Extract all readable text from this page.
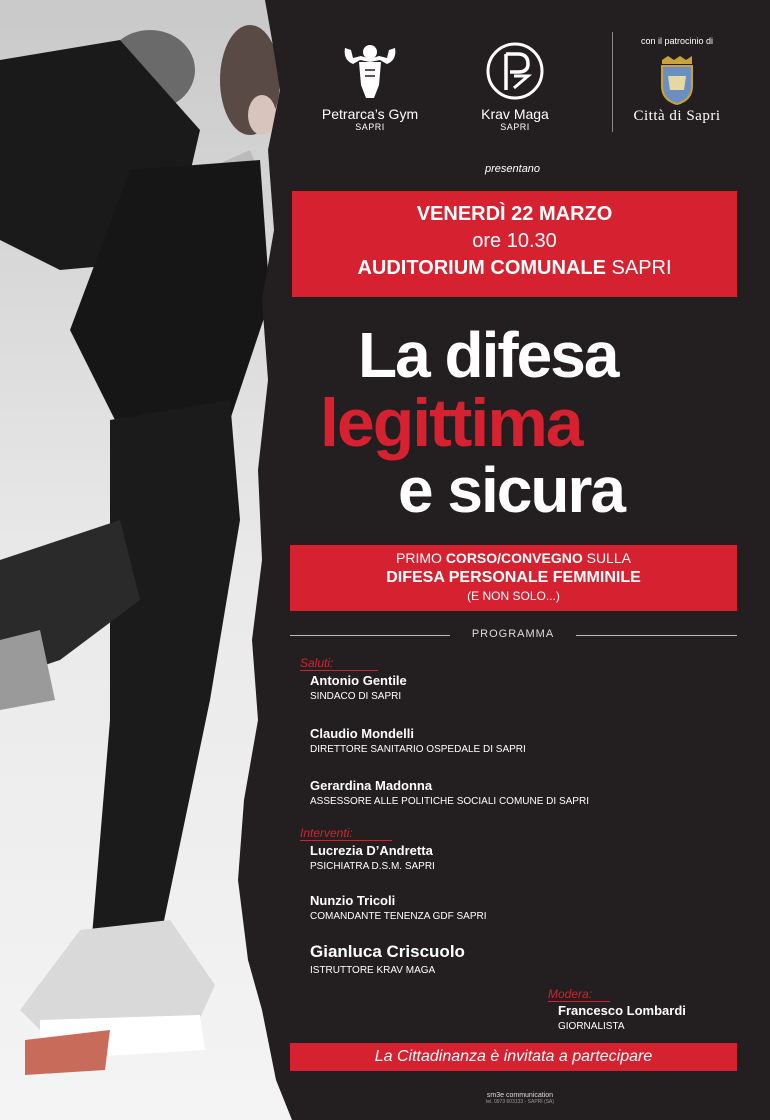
Petrarca’s Gym
SAPRI
Krav Maga
SAPRI
con il patrocinio di
Città di Sapri
presentano
VENERDÌ 22 MARZO
ore 10.30
AUDITORIUM COMUNALE SAPRI
La difesa
legittima
e sicura
PRIMO CORSO/CONVEGNO SULLA
DIFESA PERSONALE FEMMINILE
(E NON SOLO...)
PROGRAMMA
Saluti:
Antonio Gentile
SINDACO DI SAPRI
Claudio Mondelli
DIRETTORE SANITARIO OSPEDALE DI SAPRI
Gerardina Madonna
ASSESSORE ALLE POLITICHE SOCIALI COMUNE DI SAPRI
Interventi:
Lucrezia D’Andretta
PSICHIATRA D.S.M. SAPRI
Nunzio Tricoli
COMANDANTE TENENZA GDF SAPRI
Gianluca Criscuolo
ISTRUTTORE KRAV MAGA
Modera:
Francesco Lombardi
GIORNALISTA
La Cittadinanza è invitata a partecipare
sm3e communication
tel. 0973 603133 - SAPRI (SA)
